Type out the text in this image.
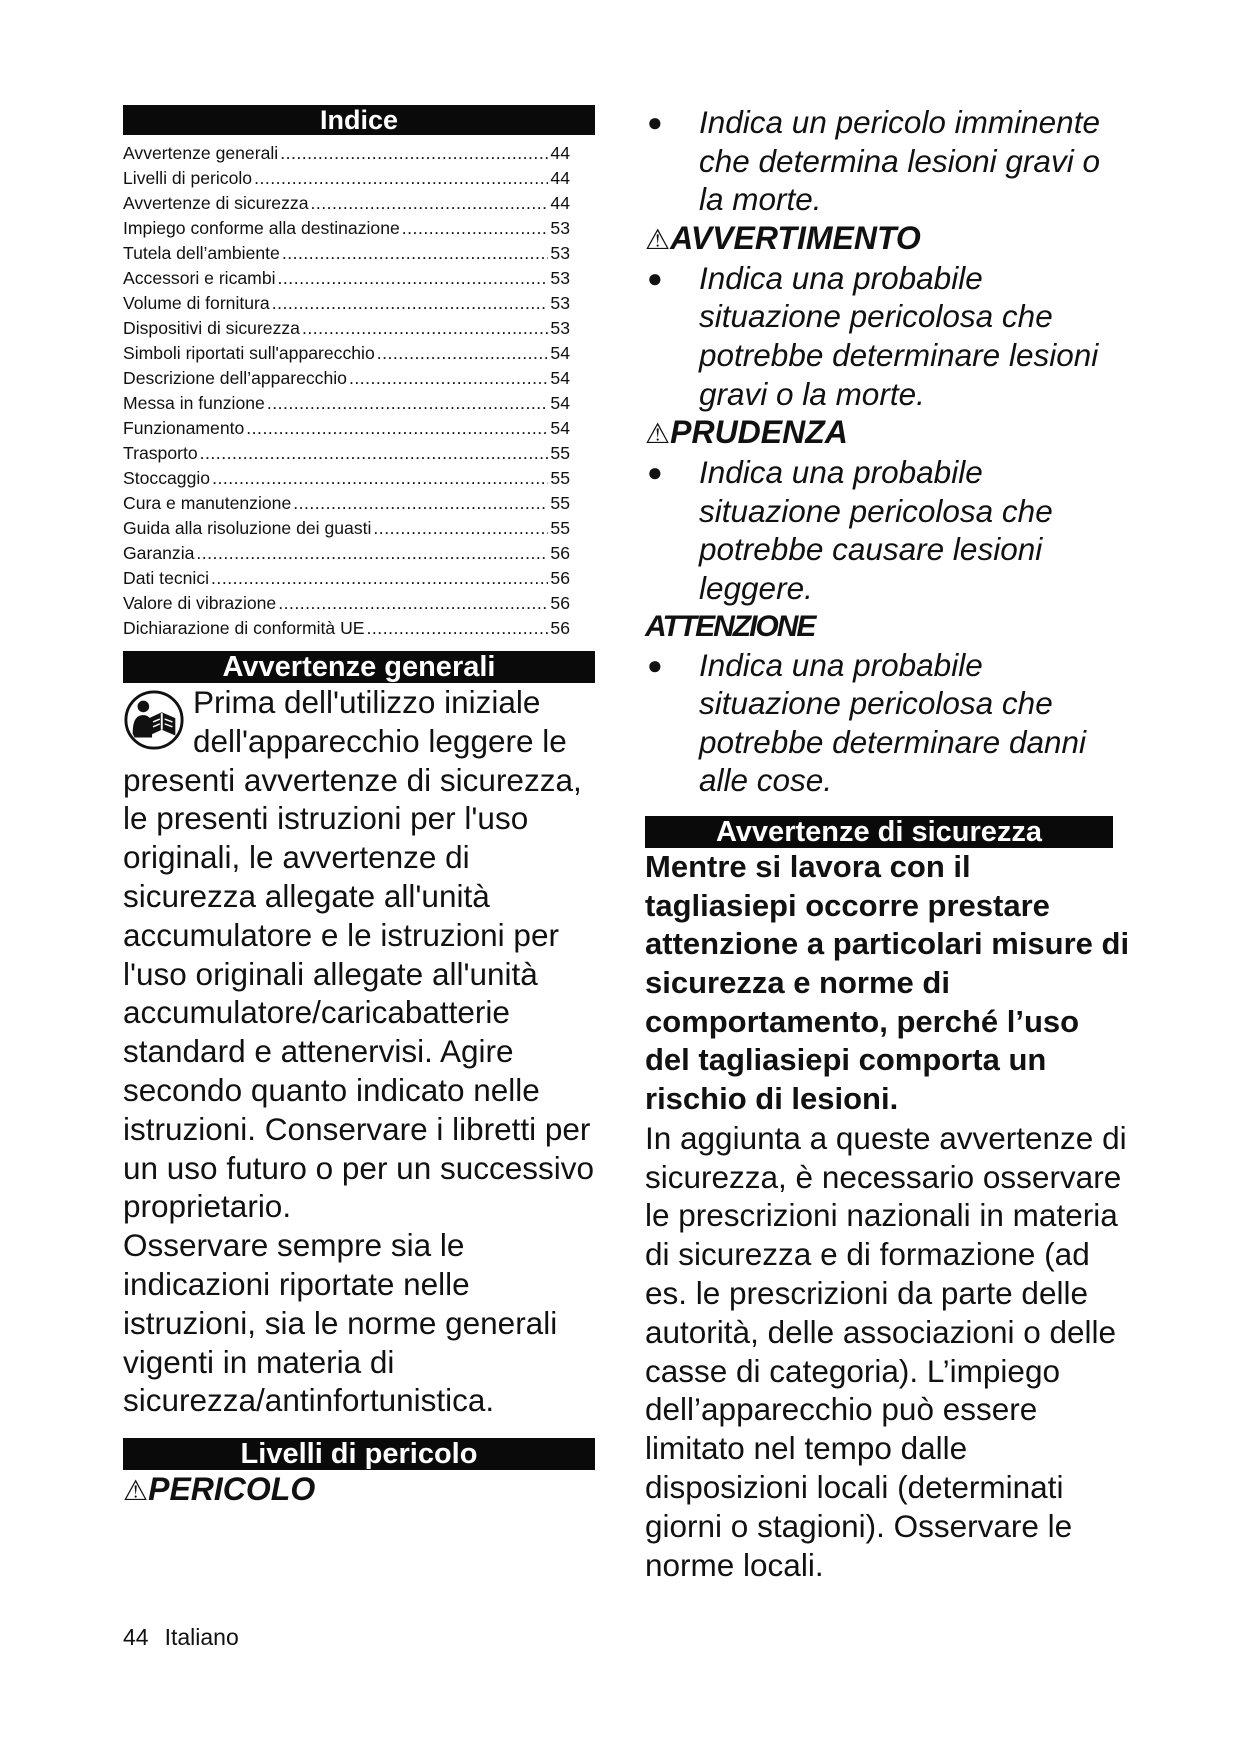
Indice
Avvertenze generali .....	44
Livelli di pericolo .....	44
Avvertenze di sicurezza .....	44
Impiego conforme alla destinazione .....	53
Tutela dell’ambiente .....	53
Accessori e ricambi .....	53
Volume di fornitura .....	53
Dispositivi di sicurezza .....	53
Simboli riportati sull'apparecchio .....	54
Descrizione dell’apparecchio .....	54
Messa in funzione .....	54
Funzionamento .....	54
Trasporto .....	55
Stoccaggio .....	55
Cura e manutenzione .....	55
Guida alla risoluzione dei guasti .....	55
Garanzia .....	56
Dati tecnici .....	56
Valore di vibrazione .....	56
Dichiarazione di conformità UE .....	56
Avvertenze generali

Prima dell'utilizzo iniziale dell'apparecchio leggere le presenti avvertenze di sicurezza, le presenti istruzioni per l'uso originali, le avvertenze di sicurezza allegate all'unità accumulatore e le istruzioni per l'uso originali allegate all'unità accumulatore/caricabatterie standard e attenervisi. Agire secondo quanto indicato nelle istruzioni. Conservare i libretti per un uso futuro o per un successivo proprietario.

Osservare sempre sia le indicazioni riportate nelle istruzioni, sia le norme generali vigenti in materia di sicurezza/antinfortunistica.

Livelli di pericolo

⚠PERICOLO

●	Indica un pericolo imminente che determina lesioni gravi o la morte.

⚠AVVERTIMENTO

●	Indica una probabile situazione pericolosa che potrebbe determinare lesioni gravi o la morte.

⚠PRUDENZA

●	Indica una probabile situazione pericolosa che potrebbe causare lesioni leggere.

ATTENZIONE

●	Indica una probabile situazione pericolosa che potrebbe determinare danni alle cose.
Avvertenze di sicurezza

Mentre si lavora con il tagliasiepi occorre prestare attenzione a particolari misure di sicurezza e norme di comportamento, perché l’uso del tagliasiepi comporta un rischio di lesioni.

In aggiunta a queste avvertenze di sicurezza, è necessario osservare le prescrizioni nazionali in materia di sicurezza e di formazione (ad es. le prescrizioni da parte delle autorità, delle associazioni o delle casse di categoria). L’impiego dell’apparecchio può essere limitato nel tempo dalle disposizioni locali (determinati giorni o stagioni). Osservare le norme locali.

44 Italiano
